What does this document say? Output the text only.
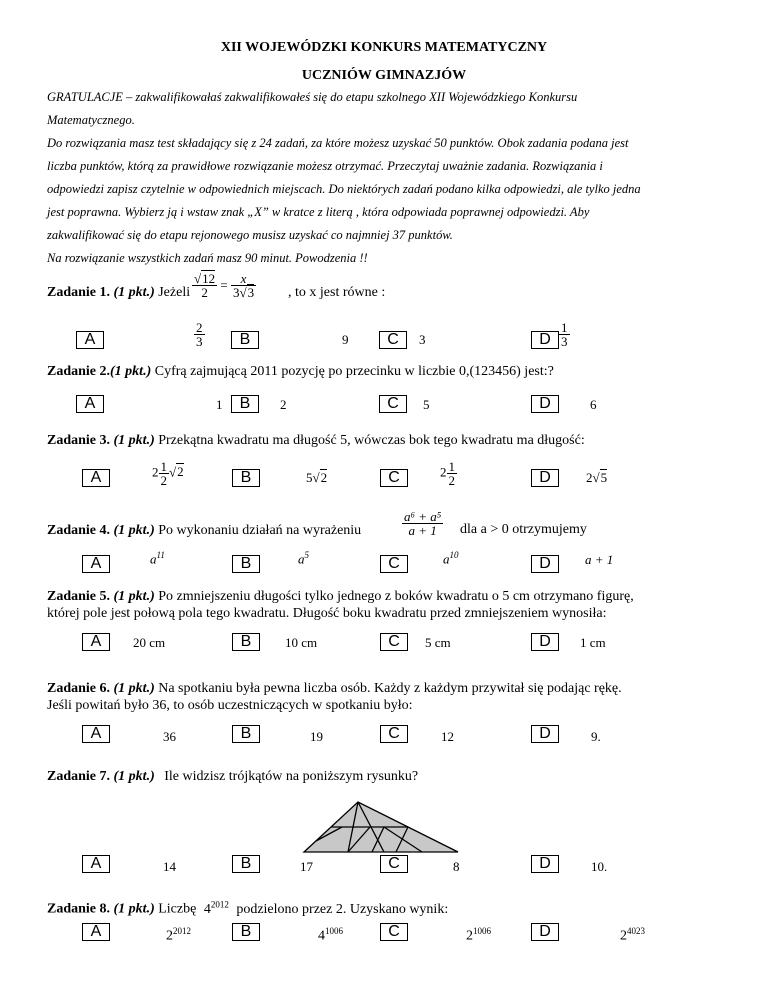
XII WOJEWÓDZKI KONKURS MATEMATYCZNY
UCZNIÓW GIMNAZJÓW
GRATULACJE – zakwalifikowałaś zakwalifikowałeś się do etapu szkolnego XII Wojewódzkiego Konkursu
Matematycznego.
Do rozwiązania masz test składający się z 24 zadań, za które możesz uzyskać 50 punktów. Obok zadania podana jest
liczba punktów, którą za prawidłowe rozwiązanie możesz otrzymać. Przeczytaj uważnie zadania. Rozwiązania i
odpowiedzi zapisz czytelnie w odpowiednich miejscach. Do niektórych zadań podano kilka odpowiedzi, ale tylko jedna
jest poprawna. Wybierz ją i wstaw znak „X” w kratce z literą , która odpowiada poprawnej odpowiedzi. Aby
zakwalifikować się do etapu rejonowego musisz uzyskać co najmniej 37 punktów.
Na rozwiązanie wszystkich zadań masz 90 minut. Powodzenia !!
Zadanie 1. (1 pkt.) Jeżeli $\frac{√12}{2} = \frac{x}{3√3}$ , to x jest równe :
A	$\frac{2}{3}$	B	9	C	3	D $\frac{1}{3}$
Zadanie 2.(1 pkt.) Cyfrą zajmującą 2011 pozycję po przecinku w liczbie 0,(123456) jest:?
A	1	B	2	C	5	D	6
Zadanie 3. (1 pkt.) Przekątna kwadratu ma długość 5, wówczas bok tego kwadratu ma długość:
A	$2 \frac{1}{2} √2$	B	5√2	C	$2 \frac{1}{2}$	D	2√5
Zadanie 4. (1 pkt.) Po wykonaniu działań na wyrażeniu	$\frac{\text{a⁶ + a⁵}}{a + 1}$ dla a > 0 otrzymujemy
A	$a^{11}$	B	$a^5$	C	$a^{10}$	D	a + 1
Zadanie 5. (1 pkt.) Po zmniejszeniu długości tylko jednego z boków kwadratu o 5 cm otrzymano figurę,
której pole jest połową pola tego kwadratu. Długość boku kwadratu przed zmniejszeniem wynosiła:
A	20 cm	B	10 cm	C	5 cm	D	1 cm
Zadanie 6. (1 pkt.) Na spotkaniu była pewna liczba osób. Każdy z każdym przywitał się podając rękę.
Jeśli powitań było 36, to osób uczestniczących w spotkaniu było:
A	36	B	19	C	12	D	9.
Zadanie 7. (1 pkt.) Ile widzisz trójkątów na poniższym rysunku?
A	14	B	17	C	8	D	10.
Zadanie 8. (1 pkt.) Liczbę $4^{2012}$ podzielono przez 2. Uzyskano wynik:
A	$2^{2012}$	B	$4^{1006}$	C	$2^{1006}$	D	$2^{4023}$
